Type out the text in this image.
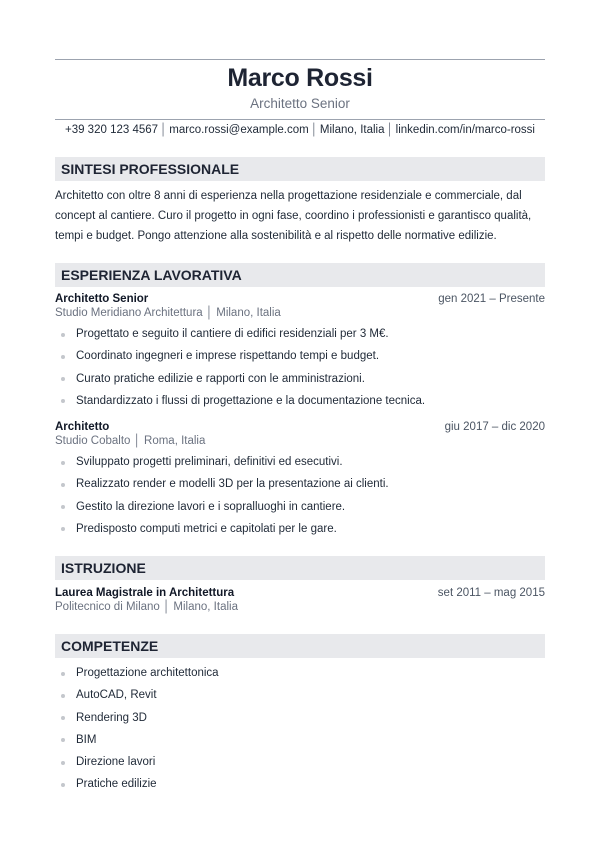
Marco Rossi
Architetto Senior
+39 320 123 4567 │ marco.rossi@example.com │ Milano, Italia │ linkedin.com/in/marco-rossi
SINTESI PROFESSIONALE
Architetto con oltre 8 anni di esperienza nella progettazione residenziale e commerciale, dal concept al cantiere. Curo il progetto in ogni fase, coordino i professionisti e garantisco qualità, tempi e budget. Pongo attenzione alla sostenibilità e al rispetto delle normative edilizie.
ESPERIENZA LAVORATIVA
Architetto Senior	gen 2021 – Presente
Studio Meridiano Architettura │ Milano, Italia
Progettato e seguito il cantiere di edifici residenziali per 3 M€.
Coordinato ingegneri e imprese rispettando tempi e budget.
Curato pratiche edilizie e rapporti con le amministrazioni.
Standardizzato i flussi di progettazione e la documentazione tecnica.
Architetto	giu 2017 – dic 2020
Studio Cobalto │ Roma, Italia
Sviluppato progetti preliminari, definitivi ed esecutivi.
Realizzato render e modelli 3D per la presentazione ai clienti.
Gestito la direzione lavori e i sopralluoghi in cantiere.
Predisposto computi metrici e capitolati per le gare.
ISTRUZIONE
Laurea Magistrale in Architettura	set 2011 – mag 2015
Politecnico di Milano │ Milano, Italia
COMPETENZE
Progettazione architettonica
AutoCAD, Revit
Rendering 3D
BIM
Direzione lavori
Pratiche edilizie
